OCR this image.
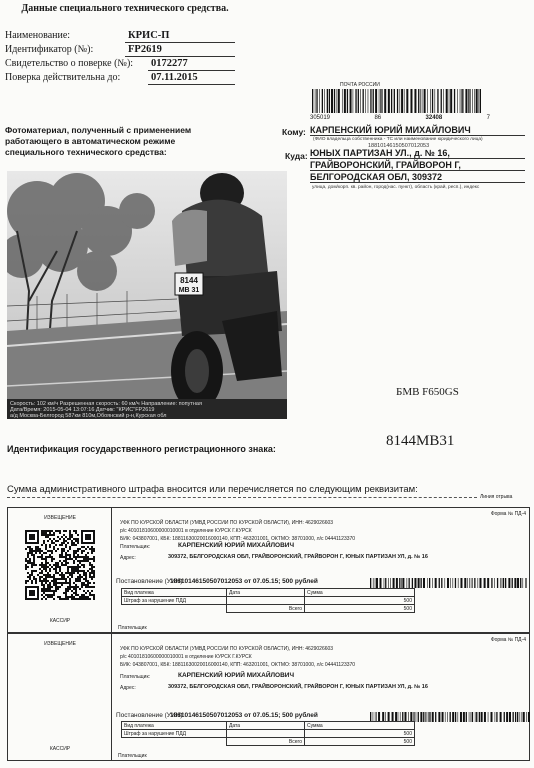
Данные специального технического средства.
Наименование:	КРИС-П
Идентификатор (№):	FP2619
Свидетельство о поверке (№): 0172277
Поверка действительна до:	07.11.2015
ПОЧТА РОССИИ
305019	86	32408	7
Кому: КАРПЕНСКИЙ ЮРИЙ МИХАЙЛОВИЧ
(ФИО владельца собственника - ТС или наименование юридического лица)
18810146150507012053
Куда: ЮНЫХ ПАРТИЗАН УЛ., д. № 16,
ГРАЙВОРОНСКИЙ, ГРАЙВОРОН Г,
БЕЛГОРОДСКАЯ ОБЛ, 309372
улица, дом/корп. кв. район, город(нас. пункт), область (край, респ.), индекс
Фотоматериал, полученный с применением работающего в автоматическом режиме специального технического средства:
8144
МВ 31
Скорость: 102 км/ч Разрешенная скорость: 60 км/ч Направление: попутная
Дата/Время: 2015-05-04 13:07:16 Датчик: "КРИС"FP2619
а/д Москва-Белгород 587км 810м,Обоянский р-н,Курская обл
БМВ F650GS
Идентификация государственного регистрационного знака:	8144MB31
Сумма административного штрафа вносится или перечисляется по следующим реквизитам:
Линия отрыва
ИЗВЕЩЕНИЕ
КАССИР
Форма № ПД-4
УФК ПО КУРСКОЙ ОБЛАСТИ (УМВД РОССИИ ПО КУРСКОЙ ОБЛАСТИ), ИНН: 4629026603
р/с 40101810600000010001 в отделение КУРСК Г.КУРСК
БИК: 043807001, КБК: 18811630020016000140, КПП: 463201001, ОКТМО: 38701000, л/с 04441123370
Плательщик:	КАРПЕНСКИЙ ЮРИЙ МИХАЙЛОВИЧ
Адрес:	309372, БЕЛГОРОДСКАЯ ОБЛ, ГРАЙВОРОНСКИЙ, ГРАЙВОРОН Г, ЮНЫХ ПАРТИЗАН УЛ, д. № 16
Постановление (УИН):
18810146150507012053 от 07.05.15; 500 рублей
Вид платежа	Дата	Сумма
Штраф за нарушение ПДД		500
	Всего	500
Плательщик
ИЗВЕЩЕНИЕ
КАССИР
Форма № ПД-4
УФК ПО КУРСКОЙ ОБЛАСТИ (УМВД РОССИИ ПО КУРСКОЙ ОБЛАСТИ), ИНН: 4629026603
р/с 40101810600000010001 в отделение КУРСК Г.КУРСК
БИК: 043807001, КБК: 18811630020016000140, КПП: 463201001, ОКТМО: 38701000, л/с 04441123370
Плательщик:	КАРПЕНСКИЙ ЮРИЙ МИХАЙЛОВИЧ
Адрес:	309372, БЕЛГОРОДСКАЯ ОБЛ, ГРАЙВОРОНСКИЙ, ГРАЙВОРОН Г, ЮНЫХ ПАРТИЗАН УЛ, д. № 16
Постановление (УИН):
18810146150507012053 от 07.05.15; 500 рублей
Вид платежа	Дата	Сумма
Штраф за нарушение ПДД		500
	Всего	500
Плательщик
